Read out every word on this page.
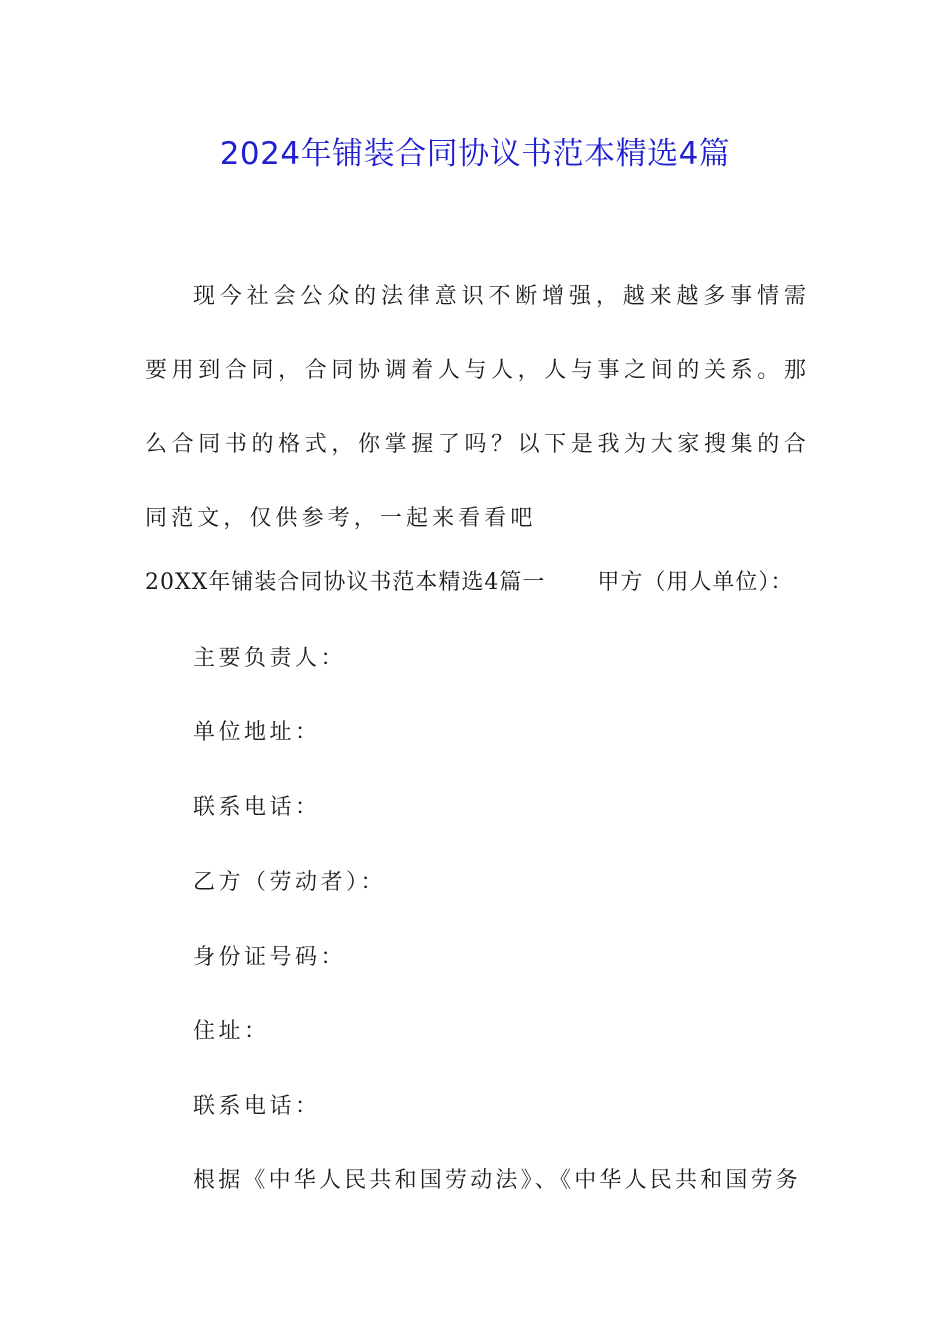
2024年铺装合同协议书范本精选4篇

现今社会公众的法律意识不断增强，越来越多事情需要用到合同，合同协调着人与人，人与事之间的关系。那么合同书的格式，你掌握了吗？以下是我为大家搜集的合同范文，仅供参考，一起来看看吧

20XX年铺装合同协议书范本精选4篇一 甲方（用人单位）：

主要负责人：

单位地址：

联系电话：

乙方（劳动者）：

身份证号码：

住址：

联系电话：

根据《中华人民共和国劳动法》、《中华人民共和国劳务
